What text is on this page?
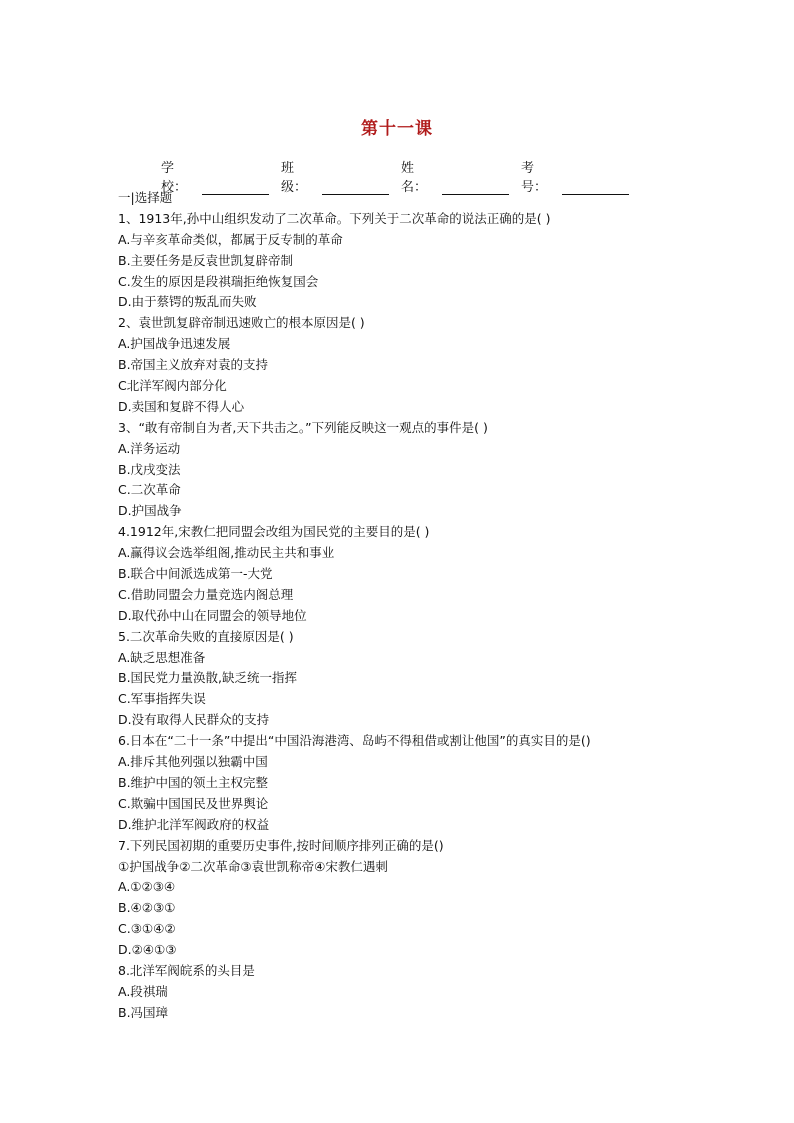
第十一课
学校：
班级：
姓名：
考号：
一|选择题
1、1913年,孙中山组织发动了二次革命。下列关于二次革命的说法正确的是( )
A.与辛亥革命类似，都属于反专制的革命
B.主要任务是反袁世凯复辟帝制
C.发生的原因是段祺瑞拒绝恢复国会
D.由于蔡锷的叛乱而失败
2、袁世凯复辟帝制迅速败亡的根本原因是( )
A.护国战争迅速发展
B.帝国主义放弃对袁的支持
C北洋军阀内部分化
D.卖国和复辟不得人心
3、“敢有帝制自为者,天下共击之。”下列能反映这一观点的事件是( )
A.洋务运动
B.戊戌变法
C.二次革命
D.护国战争
4.1912年,宋教仁把同盟会改组为国民党的主要目的是( )
A.赢得议会选举组阁,推动民主共和事业
B.联合中间派选成第一-大党
C.借助同盟会力量竞选内阁总理
D.取代孙中山在同盟会的领导地位
5.二次革命失败的直接原因是( )
A.缺乏思想准备
B.国民党力量涣散,缺乏统一指挥
C.军事指挥失误
D.没有取得人民群众的支持
6.日本在“二十一条”中提出“中国沿海港湾、岛屿不得租借或割让他国”的真实目的是()
A.排斥其他列强以独霸中国
B.维护中国的领土主权完整
C.欺骗中国国民及世界舆论
D.维护北洋军阀政府的权益
7.下列民国初期的重要历史事件,按时间顺序排列正确的是()
①护国战争②二次革命③袁世凯称帝④宋教仁遇刺
A.①②③④
B.④②③①
C.③①④②
D.②④①③
8.北洋军阀皖系的头目是
A.段祺瑞
B.冯国璋
